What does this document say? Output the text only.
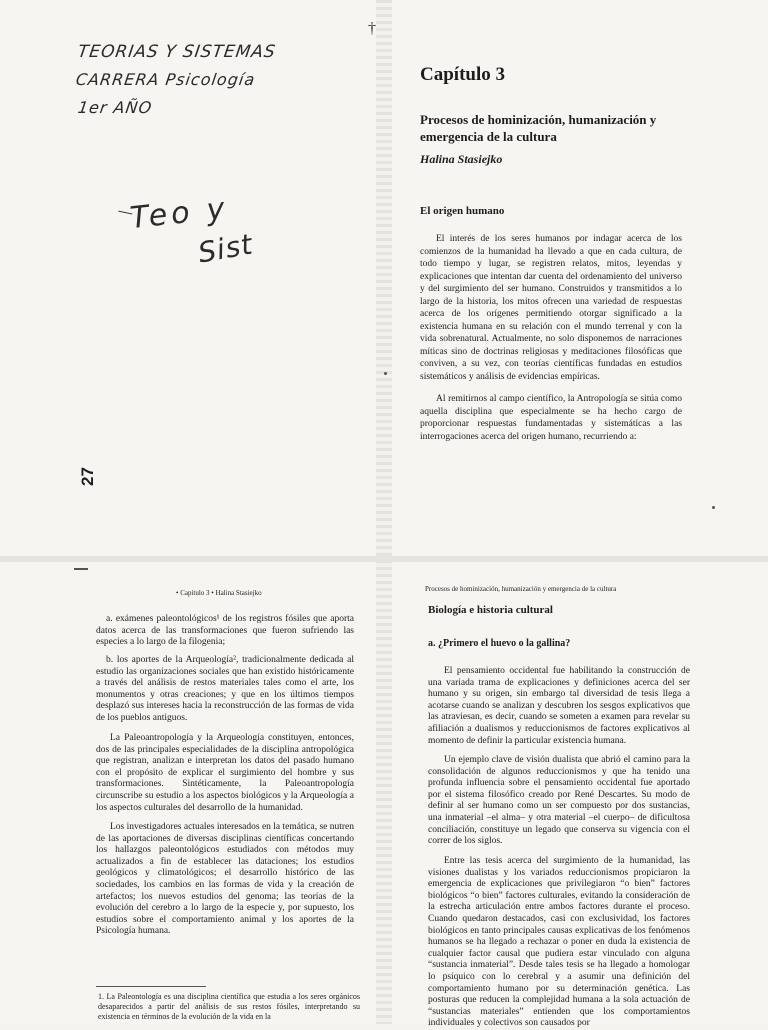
TEORIAS Y SISTEMAS
CARRERA Psicología
1er AÑO
Teo y
Sist
27
†
Capítulo 3
Procesos de hominización, humanización y emergencia de la cultura
Halina Stasiejko
El origen humano

El interés de los seres humanos por indagar acerca de los comienzos de la humanidad ha llevado a que en cada cultura, de todo tiempo y lugar, se registren relatos, mitos, leyendas y explicaciones que intentan dar cuenta del ordenamiento del universo y del surgimiento del ser humano. Construidos y transmitidos a lo largo de la historia, los mitos ofrecen una variedad de respuestas acerca de los orígenes permitiendo otorgar significado a la existencia humana en su relación con el mundo terrenal y con la vida sobrenatural. Actualmente, no solo disponemos de narraciones míticas sino de doctrinas religiosas y meditaciones filosóficas que conviven, a su vez, con teorías científicas fundadas en estudios sistemáticos y análisis de evidencias empíricas.

Al remitirnos al campo científico, la Antropología se sitúa como aquella disciplina que especialmente se ha hecho cargo de proporcionar respuestas fundamentadas y sistemáticas a las interrogaciones acerca del origen humano, recurriendo a:

• Capítulo 3 • Halina Stasiejko

a. exámenes paleontológicos¹ de los registros fósiles que aporta datos acerca de las transformaciones que fueron sufriendo las especies a lo largo de la filogenia;

b. los aportes de la Arqueología², tradicionalmente dedicada al estudio las organizaciones sociales que han existido históricamente a través del análisis de restos materiales tales como el arte, los monumentos y otras creaciones; y que en los últimos tiempos desplazó sus intereses hacia la reconstrucción de las formas de vida de los pueblos antiguos.

La Paleoantropología y la Arqueología constituyen, entonces, dos de las principales especialidades de la disciplina antropológica que registran, analizan e interpretan los datos del pasado humano con el propósito de explicar el surgimiento del hombre y sus transformaciones. Sintéticamente, la Paleoantropología circunscribe su estudio a los aspectos biológicos y la Arqueología a los aspectos culturales del desarrollo de la humanidad.

Los investigadores actuales interesados en la temática, se nutren de las aportaciones de diversas disciplinas científicas concertando los hallazgos paleontológicos estudiados con métodos muy actualizados a fin de establecer las dataciones; los estudios geológicos y climatológicos; el desarrollo histórico de las sociedades, los cambios en las formas de vida y la creación de artefactos; los nuevos estudios del genoma; las teorías de la evolución del cerebro a lo largo de la especie y, por supuesto, los estudios sobre el comportamiento animal y los aportes de la Psicología humana.

1. La Paleontología es una disciplina científica que estudia a los seres orgánicos desaparecidos a partir del análisis de sus restos fósiles, interpretando su existencia en términos de la evolución de la vida en la

Procesos de hominización, humanización y emergencia de la cultura
Biología e historia cultural
a. ¿Primero el huevo o la gallina?

El pensamiento occidental fue habilitando la construcción de una variada trama de explicaciones y definiciones acerca del ser humano y su origen, sin embargo tal diversidad de tesis llega a acotarse cuando se analizan y descubren los sesgos explicativos que las atraviesan, es decir, cuando se someten a examen para revelar su afiliación a dualismos y reduccionismos de factores explicativos al momento de definir la particular existencia humana.

Un ejemplo clave de visión dualista que abrió el camino para la consolidación de algunos reduccionismos y que ha tenido una profunda influencia sobre el pensamiento occidental fue aportado por el sistema filosófico creado por René Descartes. Su modo de definir al ser humano como un ser compuesto por dos sustancias, una inmaterial –el alma– y otra material –el cuerpo– de dificultosa conciliación, constituye un legado que conserva su vigencia con el correr de los siglos.

Entre las tesis acerca del surgimiento de la humanidad, las visiones dualistas y los variados reduccionismos propiciaron la emergencia de explicaciones que privilegiaron “o bien” factores biológicos “o bien” factores culturales, evitando la consideración de la estrecha articulación entre ambos factores durante el proceso. Cuando quedaron destacados, casi con exclusividad, los factores biológicos en tanto principales causas explicativas de los fenómenos humanos se ha llegado a rechazar o poner en duda la existencia de cualquier factor causal que pudiera estar vinculado con alguna “sustancia inmaterial”. Desde tales tesis se ha llegado a homologar lo psíquico con lo cerebral y a asumir una definición del comportamiento humano por su determinación genética. Las posturas que reducen la complejidad humana a la sola actuación de “sustancias materiales” entienden que los comportamientos individuales y colectivos son causados por
